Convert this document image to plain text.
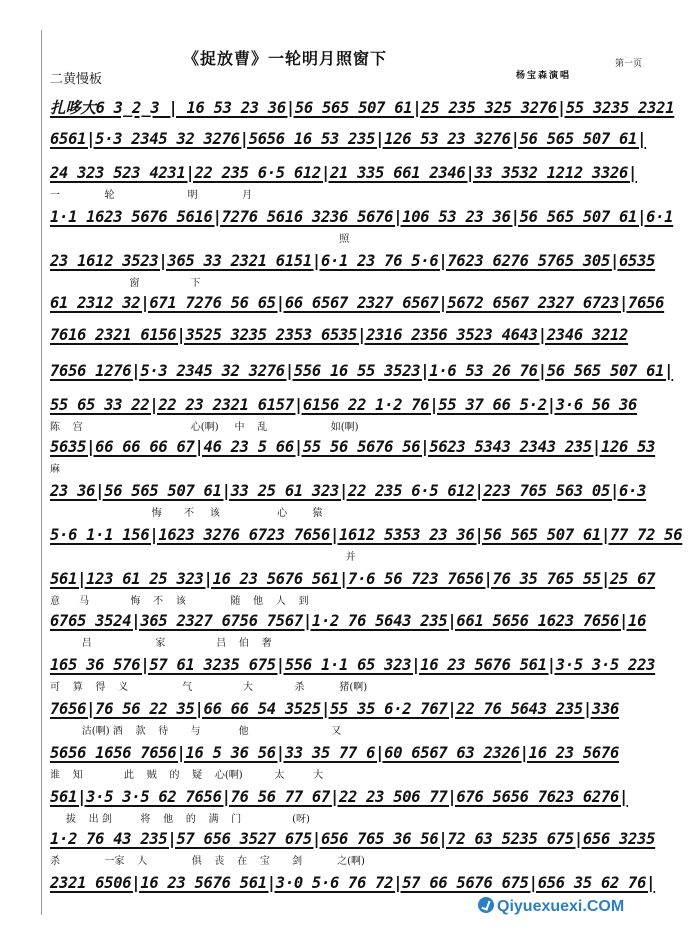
《捉放曹》一轮明月照窗下	第一页
杨宝森演唱
二黄慢板
扎哆大6 3̲2̲3 | 16 53 23 36|56 565 507 61|25 235 325 3276|55 3235 2321
6561|5·3 2345 32 3276|5656 16 53 235|126 53 23 3276|56 565 507 61|
24 323 523 4231|22 235 6·5 612|21 335 661 2346|33 3532 1212 3326|
一              轮                       明              月
1·1 1623 5676 5616|7276 5616 3236 5676|106 53 23 36|56 565 507 61|6·1
照
23 1612 3523|365 33 2321 6151|6·1 23 76 5·6|7623 6276 5765 305|6535
窗                下
61 2312 32|671 7276 56 65|66 6567 2327 6567|5672 6567 2327 6723|7656
7616 2321 6156|3525 3235 2353 6535|2316 2356 3523 4643|2346 3212
7656 1276|5·3 2345 32 3276|556 16 55 3523|1·6 53 26 76|56 565 507 61|
55 65 33 22|22 23 2321 6157|6156 22 1·2 76|55 37 66 5·2|3·6 56 36
陈    宫                                  心(啊)     中    乱                    如(啊)
5635|66 66 66 67|46 23 5 66|55 56 5676 56|5623 5343 2343 235|126 53
麻
23 36|56 565 507 61|33 25 61 323|22 235 6·5 612|223 765 563 05|6·3
悔       不     该                  心        猿
5·6 1·1 156|1623 3276 6723 7656|1612 5353 23 36|56 565 507 61|77 72 56
并
561|123 61 25 323|16 23 5676 561|7·6 56 723 7656|76 35 765 55|25 67
意      马             悔    不    该              随    他    人    到
6765 3524|365 2327 6756 7567|1·2 76 5643 235|661 5656 1623 7656|16
吕                    家                吕    伯    奢
165 36 576|57 61 3235 675|556 1·1 65 323|16 23 5676 561|3·5 3·5 223
可    算    得    义                 气                大             杀           猪(啊)
7656|76 56 22 35|66 66 54 3525|55 35 6·2 767|22 76 5643 235|336
沽(啊) 酒    款    待       与            他                          又
5656 1656 7656|16 5 36 56|33 35 77 6|60 6567 63 2326|16 23 5676
谁    知             此    贼    的    疑    心(啊)          太         大
561|3·5 3·5 62 7656|76 56 77 67|22 23 506 77|676 5656 7623 6276|
拔    出 剑         将    他    的    满    门                (呀)
1·2 76 43 235|57 656 3527 675|656 765 36 56|72 63 5235 675|656 3235
杀              一家    人              俱    丧    在    宝       剑           之(啊)
2321 6506|16 23 5676 561|3·0 5·6 76 72|57 66 5676 675|656 35 62 76|
Qiyuexuexi.COM
